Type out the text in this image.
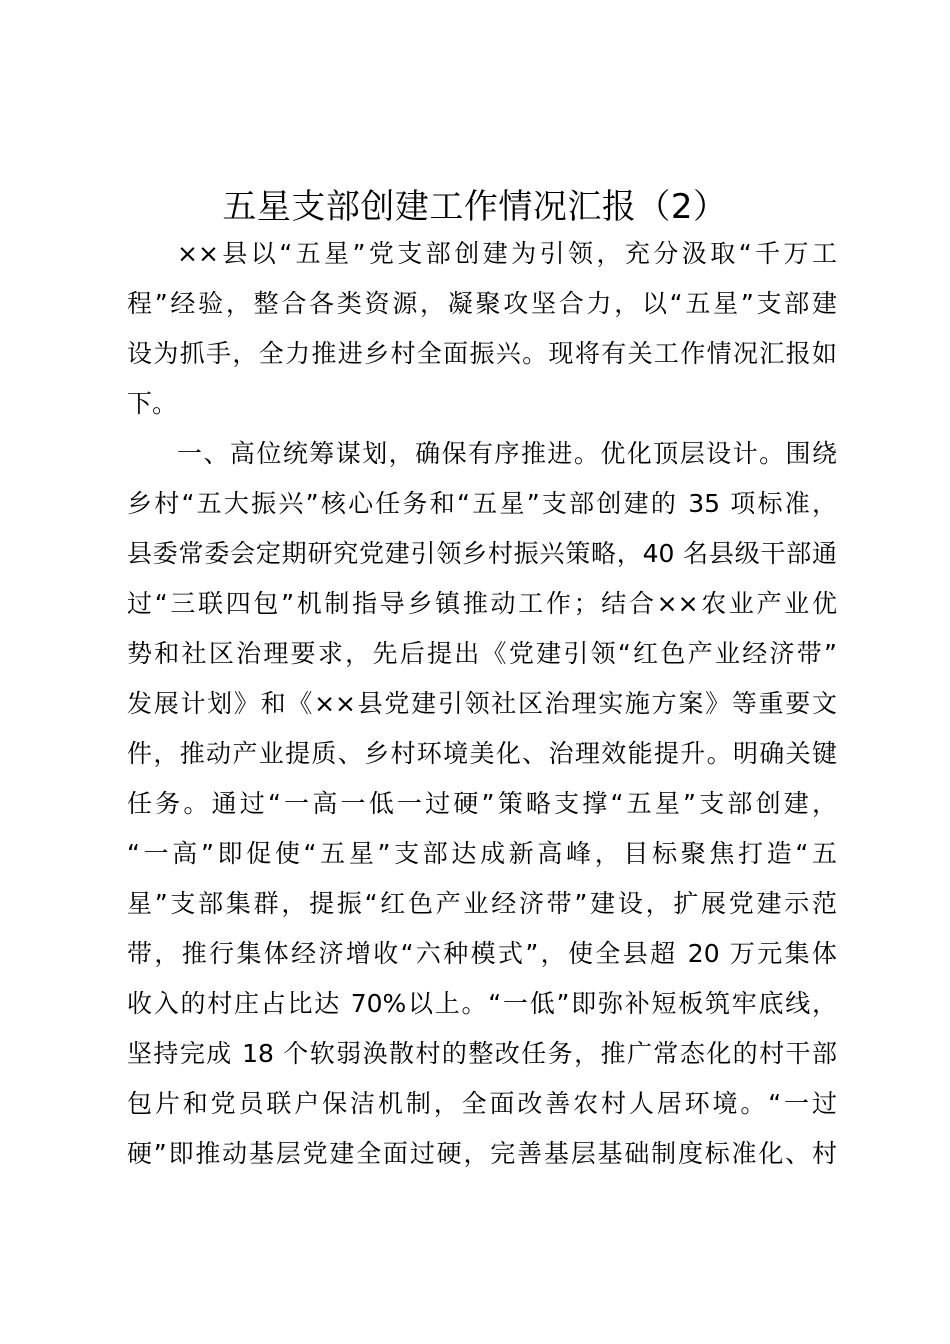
五星支部创建工作情况汇报（2）
××县以“五星”党支部创建为引领，充分汲取“千万工
程”经验，整合各类资源，凝聚攻坚合力，以“五星”支部建
设为抓手，全力推进乡村全面振兴。现将有关工作情况汇报如
下。
一、高位统筹谋划，确保有序推进。优化顶层设计。围绕
乡村“五大振兴”核心任务和“五星”支部创建的 35 项标准，
县委常委会定期研究党建引领乡村振兴策略，40 名县级干部通
过“三联四包”机制指导乡镇推动工作；结合××农业产业优
势和社区治理要求，先后提出《党建引领“红色产业经济带”
发展计划》和《××县党建引领社区治理实施方案》等重要文
件，推动产业提质、乡村环境美化、治理效能提升。明确关键
任务。通过“一高一低一过硬”策略支撑“五星”支部创建，
“一高”即促使“五星”支部达成新高峰，目标聚焦打造“五
星”支部集群，提振“红色产业经济带”建设，扩展党建示范
带，推行集体经济增收“六种模式”，使全县超 20 万元集体
收入的村庄占比达 70%以上。“一低”即弥补短板筑牢底线，
坚持完成 18 个软弱涣散村的整改任务，推广常态化的村干部
包片和党员联户保洁机制，全面改善农村人居环境。“一过
硬”即推动基层党建全面过硬，完善基层基础制度标准化、村
